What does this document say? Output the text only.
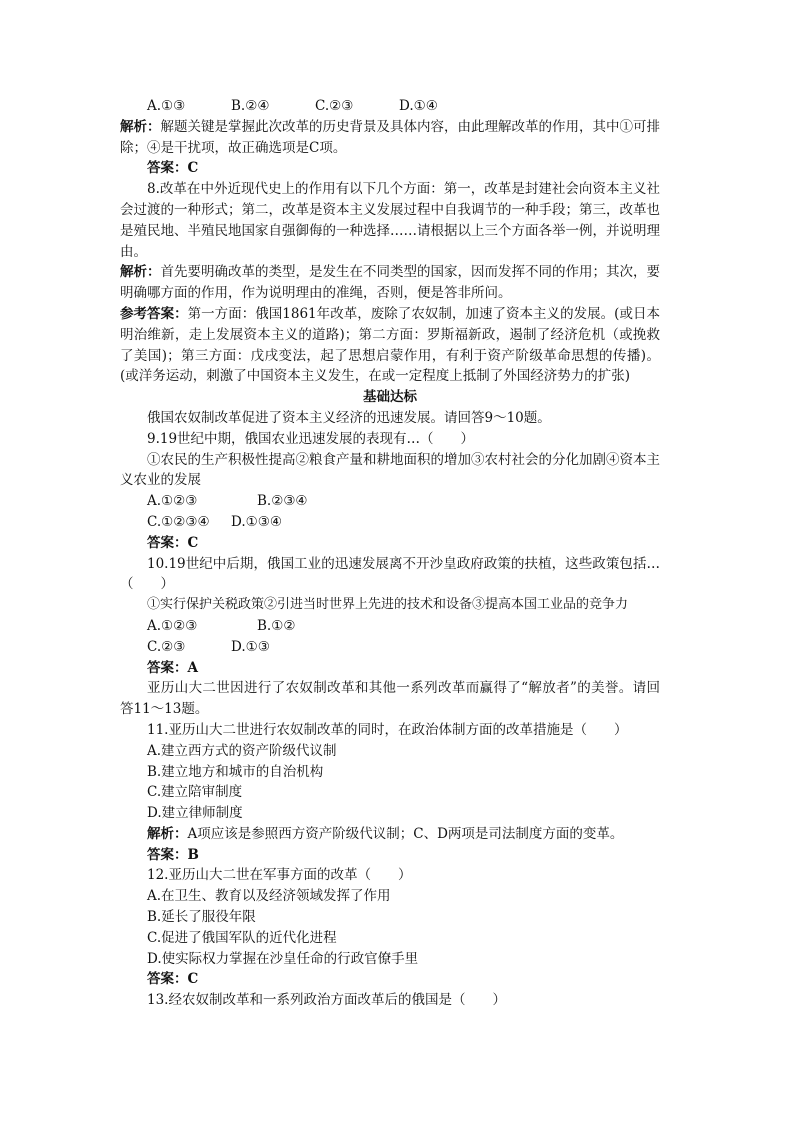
A.①③	B.②④	C.②③	D.①④
解析：解题关键是掌握此次改革的历史背景及具体内容，由此理解改革的作用，其中①可排除；④是干扰项，故正确选项是C项。
答案：C
8.改革在中外近现代史上的作用有以下几个方面：第一，改革是封建社会向资本主义社会过渡的一种形式；第二，改革是资本主义发展过程中自我调节的一种手段；第三，改革也是殖民地、半殖民地国家自强御侮的一种选择……请根据以上三个方面各举一例，并说明理由。
解析：首先要明确改革的类型，是发生在不同类型的国家，因而发挥不同的作用；其次，要明确哪方面的作用，作为说明理由的准绳，否则，便是答非所问。
参考答案：第一方面：俄国1861年改革，废除了农奴制，加速了资本主义的发展。(或日本明治维新，走上发展资本主义的道路)；第二方面：罗斯福新政，遏制了经济危机（或挽救了美国)；第三方面：戊戌变法，起了思想启蒙作用，有利于资产阶级革命思想的传播)。(或洋务运动，刺激了中国资本主义发生，在或一定程度上抵制了外国经济势力的扩张)
基础达标
俄国农奴制改革促进了资本主义经济的迅速发展。请回答9～10题。
9.19世纪中期，俄国农业迅速发展的表现有…（　　）
①农民的生产积极性提高②粮食产量和耕地面积的增加③农村社会的分化加剧④资本主义农业的发展
A.①②③	B.②③④
C.①②③④ D.①③④
答案：C
10.19世纪中后期，俄国工业的迅速发展离不开沙皇政府政策的扶植，这些政策包括…（　　）
①实行保护关税政策②引进当时世界上先进的技术和设备③提高本国工业品的竞争力
A.①②③	B.①②
C.②③	D.①③
答案：A
亚历山大二世因进行了农奴制改革和其他一系列改革而赢得了“解放者”的美誉。请回答11～13题。
11.亚历山大二世进行农奴制改革的同时，在政治体制方面的改革措施是（　　）
A.建立西方式的资产阶级代议制
B.建立地方和城市的自治机构
C.建立陪审制度
D.建立律师制度
解析：A项应该是参照西方资产阶级代议制；C、D两项是司法制度方面的变革。
答案：B
12.亚历山大二世在军事方面的改革（　　）
A.在卫生、教育以及经济领域发挥了作用
B.延长了服役年限
C.促进了俄国军队的近代化进程
D.使实际权力掌握在沙皇任命的行政官僚手里
答案：C
13.经农奴制改革和一系列政治方面改革后的俄国是（　　）
